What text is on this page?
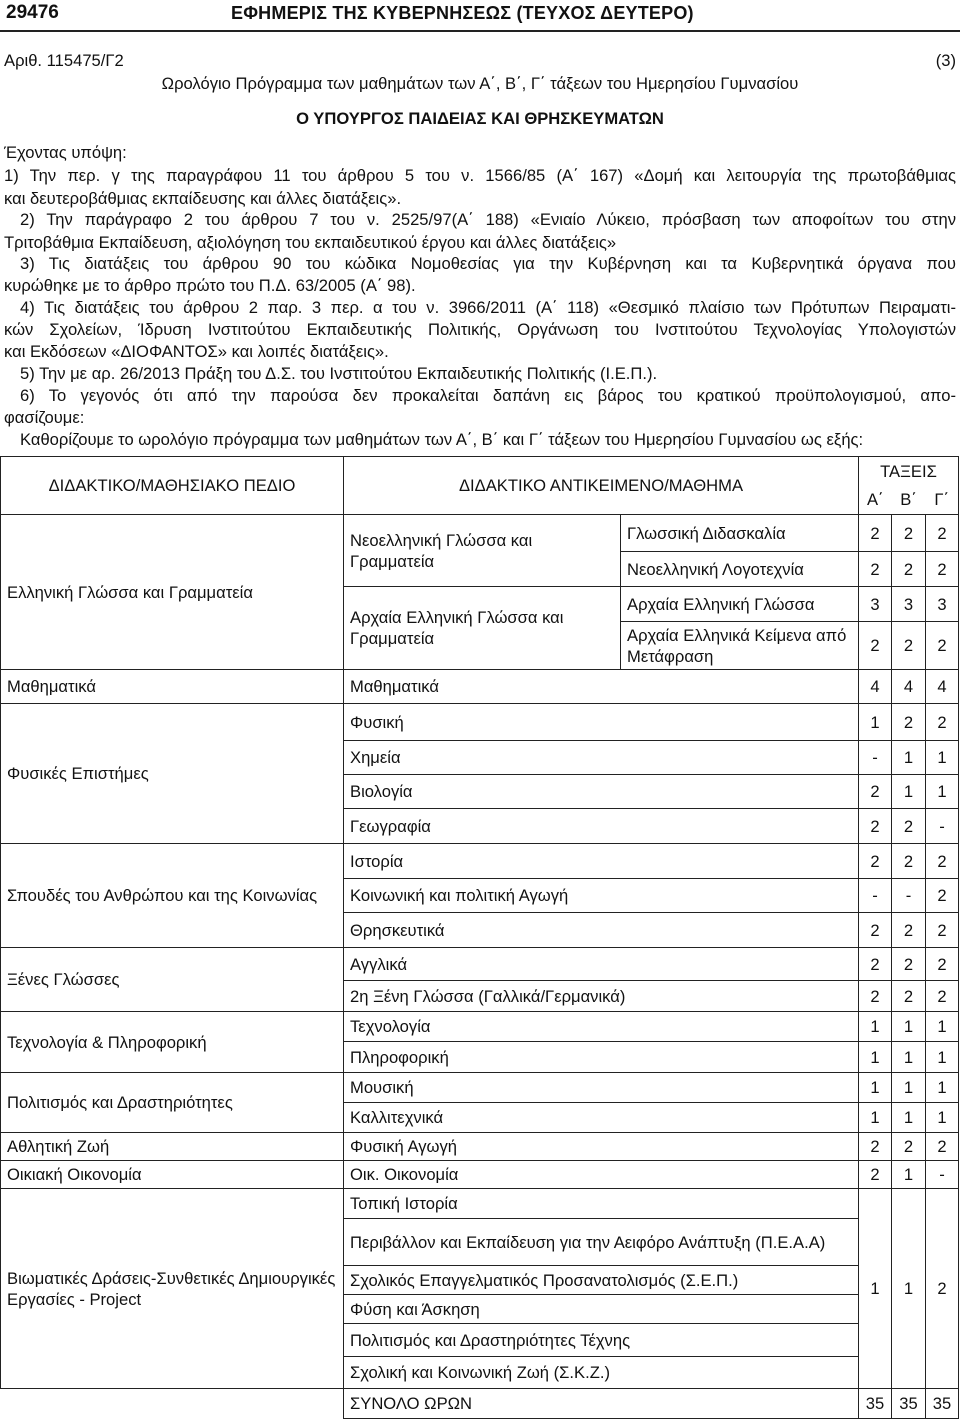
29476	ΕΦΗΜΕΡΙΣ ΤΗΣ ΚΥΒΕΡΝΗΣΕΩΣ (ΤΕΥΧΟΣ ΔΕΥΤΕΡΟ)
Αριθ. 115475/Γ2	(3)
Ωρολόγιο Πρόγραμμα των μαθημάτων των Α΄, Β΄, Γ΄ τάξεων του Ημερησίου Γυμνασίου
Ο ΥΠΟΥΡΓΟΣ ΠΑΙΔΕΙΑΣ ΚΑΙ ΘΡΗΣΚΕΥΜΑΤΩΝ
Έχοντας υπόψη:
1) Την περ. γ της παραγράφου 11 του άρθρου 5 του ν. 1566/85 (Α΄ 167) «Δομή και λειτουργία της πρωτοβάθμιας
και δευτεροβάθμιας εκπαίδευσης και άλλες διατάξεις».
2) Την παράγραφο 2 του άρθρου 7 του ν. 2525/97(Α΄ 188) «Ενιαίο Λύκειο, πρόσβαση των αποφοίτων του στην
Τριτοβάθμια Εκπαίδευση, αξιολόγηση του εκπαιδευτικού έργου και άλλες διατάξεις»
3) Τις διατάξεις του άρθρου 90 του κώδικα Νομοθεσίας για την Κυβέρνηση και τα Κυβερνητικά όργανα που
κυρώθηκε με το άρθρο πρώτο του Π.Δ. 63/2005 (Α΄ 98).
4) Τις διατάξεις του άρθρου 2 παρ. 3 περ. α του ν. 3966/2011 (Α΄ 118) «Θεσμικό πλαίσιο των Πρότυπων Πειραματι-
κών Σχολείων, Ίδρυση Ινστιτούτου Εκπαιδευτικής Πολιτικής, Οργάνωση του Ινστιτούτου Τεχνολογίας Υπολογιστών
και Εκδόσεων «ΔΙΟΦΑΝΤΟΣ» και λοιπές διατάξεις».
5) Την με αρ. 26/2013 Πράξη του Δ.Σ. του Ινστιτούτου Εκπαιδευτικής Πολιτικής (Ι.Ε.Π.).
6) Το γεγονός ότι από την παρούσα δεν προκαλείται δαπάνη εις βάρος του κρατικού προϋπολογισμού, απο-
φασίζουμε:
Καθορίζουμε το ωρολόγιο πρόγραμμα των μαθημάτων των Α΄, Β΄ και Γ΄ τάξεων του Ημερησίου Γυμνασίου ως εξής:
ΔΙΔΑΚΤΙΚΟ/ΜΑΘΗΣΙΑΚΟ ΠΕΔΙΟ	ΔΙΔΑΚΤΙΚΟ ΑΝΤΙΚΕΙΜΕΝΟ/ΜΑΘΗΜΑ		ΤΑΞΕΙΣ		
			Α΄	Β΄	Γ΄
Ελληνική Γλώσσα και Γραμματεία	Νεοελληνική Γλώσσα και Γραμματεία	Γλωσσική Διδασκαλία	2	2	2
		Νεοελληνική Λογοτεχνία	2	2	2
	Αρχαία Ελληνική Γλώσσα και Γραμματεία	Αρχαία Ελληνική Γλώσσα	3	3	3
		Αρχαία Ελληνικά Κείμενα από Μετάφραση	2	2	2
Μαθηματικά	Μαθηματικά		4	4	4
Φυσικές Επιστήμες	Φυσική		1	2	2
	Χημεία		-	1	1
	Βιολογία		2	1	1
	Γεωγραφία		2	2	-
Σπουδές του Ανθρώπου και της Κοινωνίας	Ιστορία		2	2	2
	Κοινωνική και πολιτική Αγωγή		-	-	2
	Θρησκευτικά		2	2	2
Ξένες Γλώσσες	Αγγλικά		2	2	2
	2η Ξένη Γλώσσα (Γαλλικά/Γερμανικά)		2	2	2
Τεχνολογία & Πληροφορική	Τεχνολογία		1	1	1
	Πληροφορική		1	1	1
Πολιτισμός και Δραστηριότητες	Μουσική		1	1	1
	Καλλιτεχνικά		1	1	1
Αθλητική Ζωή	Φυσική Αγωγή		2	2	2
Οικιακή Οικονομία	Οικ. Οικονομία		2	1	-
Βιωματικές Δράσεις-Συνθετικές Δημιουργικές Εργασίες - Project	Τοπική Ιστορία		1	1	2
	Περιβάλλον και Εκπαίδευση για την Αειφόρο Ανάπτυξη (Π.Ε.Α.Α)				
	Σχολικός Επαγγελματικός Προσανατολισμός (Σ.Ε.Π.)				
	Φύση και Άσκηση				
	Πολιτισμός και Δραστηριότητες Τέχνης				
	Σχολική και Κοινωνική Ζωή (Σ.Κ.Ζ.)				
	ΣΥΝΟΛΟ ΩΡΩΝ		35	35	35
